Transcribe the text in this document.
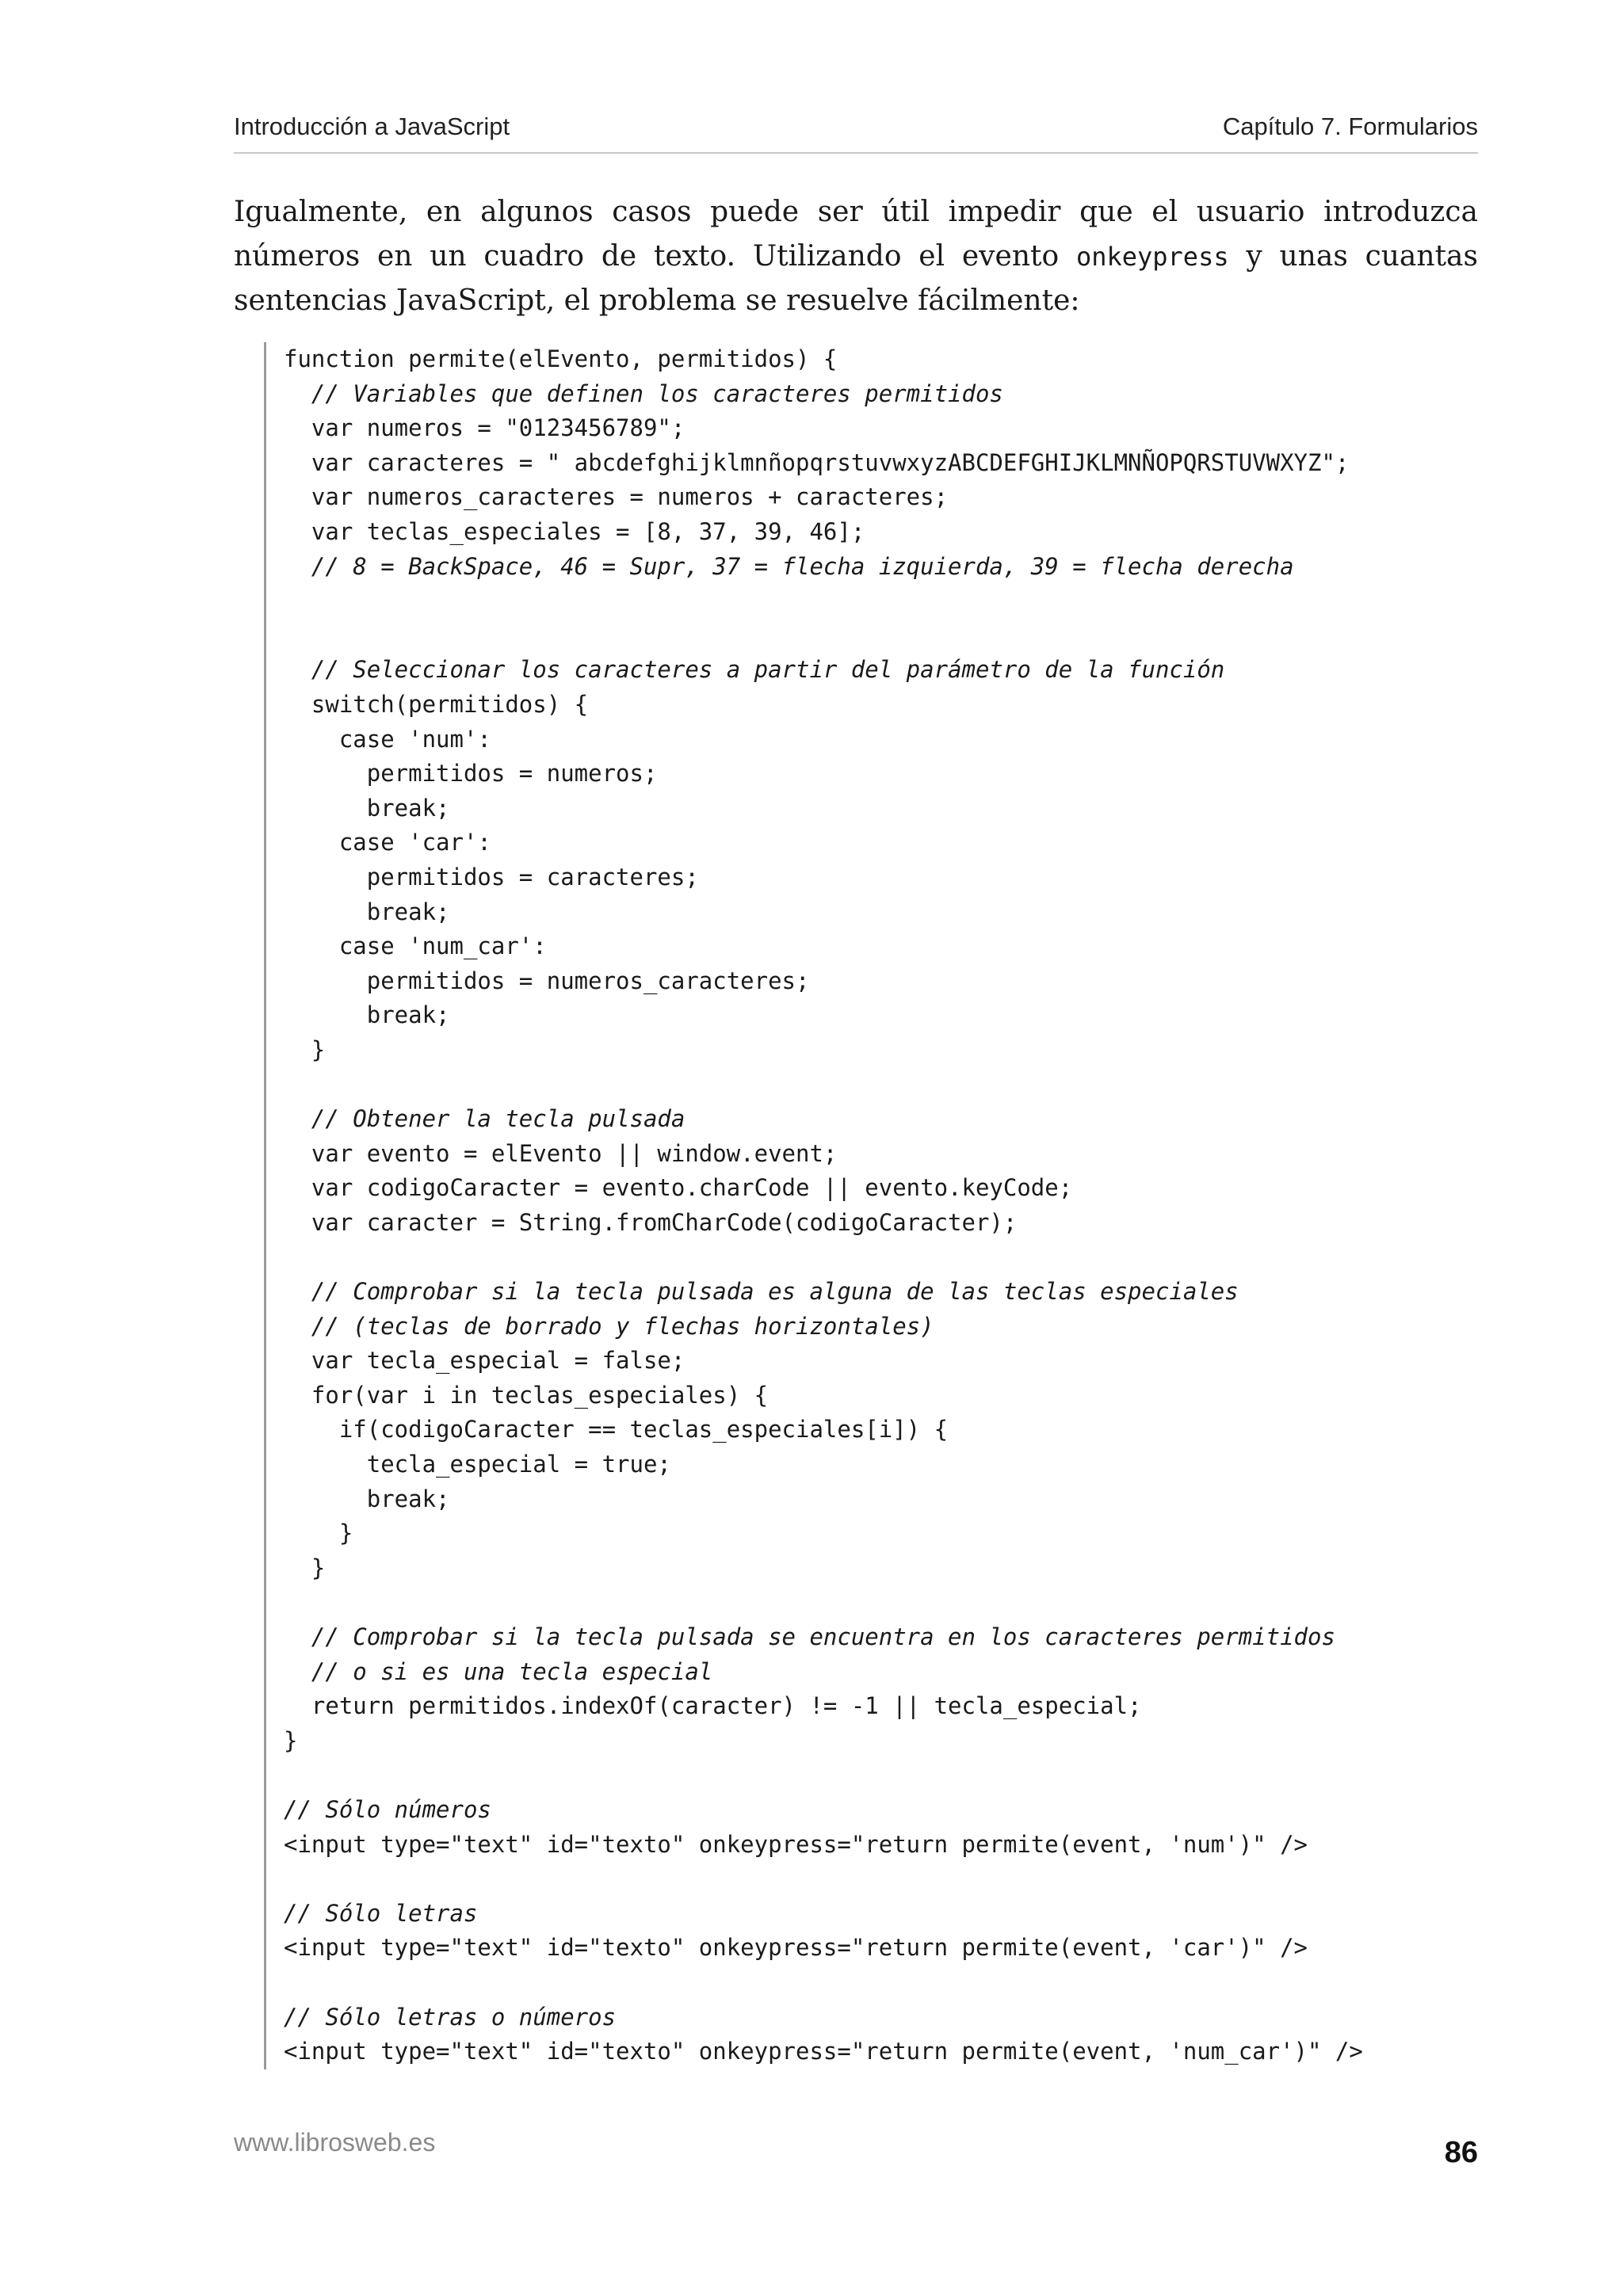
Introducción a JavaScript	Capítulo 7. Formularios

Igualmente, en algunos casos puede ser útil impedir que el usuario introduzca números en un cuadro de texto. Utilizando el evento onkeypress y unas cuantas sentencias JavaScript, el problema se resuelve fácilmente:

function permite(elEvento, permitidos) {
// Variables que definen los caracteres permitidos
var numeros = "0123456789";
var caracteres = " abcdefghijklmnñopqrstuvwxyzABCDEFGHIJKLMNÑOPQRSTUVWXYZ";
var numeros_caracteres = numeros + caracteres;
var teclas_especiales = [8, 37, 39, 46];
// 8 = BackSpace, 46 = Supr, 37 = flecha izquierda, 39 = flecha derecha
// Seleccionar los caracteres a partir del parámetro de la función
switch(permitidos) {
case 'num':
permitidos = numeros;
break;
case 'car':
permitidos = caracteres;
break;
case 'num_car':
permitidos = numeros_caracteres;
break;
}
// Obtener la tecla pulsada
var evento = elEvento || window.event;
var codigoCaracter = evento.charCode || evento.keyCode;
var caracter = String.fromCharCode(codigoCaracter);
// Comprobar si la tecla pulsada es alguna de las teclas especiales
// (teclas de borrado y flechas horizontales)
var tecla_especial = false;
for(var i in teclas_especiales) {
if(codigoCaracter == teclas_especiales[i]) {
tecla_especial = true;
break;
}
}
// Comprobar si la tecla pulsada se encuentra en los caracteres permitidos
// o si es una tecla especial
return permitidos.indexOf(caracter) != -1 || tecla_especial;
}
// Sólo números
<input type="text" id="texto" onkeypress="return permite(event, 'num')" />
// Sólo letras
<input type="text" id="texto" onkeypress="return permite(event, 'car')" />
// Sólo letras o números
<input type="text" id="texto" onkeypress="return permite(event, 'num_car')" />
www.librosweb.es	86
